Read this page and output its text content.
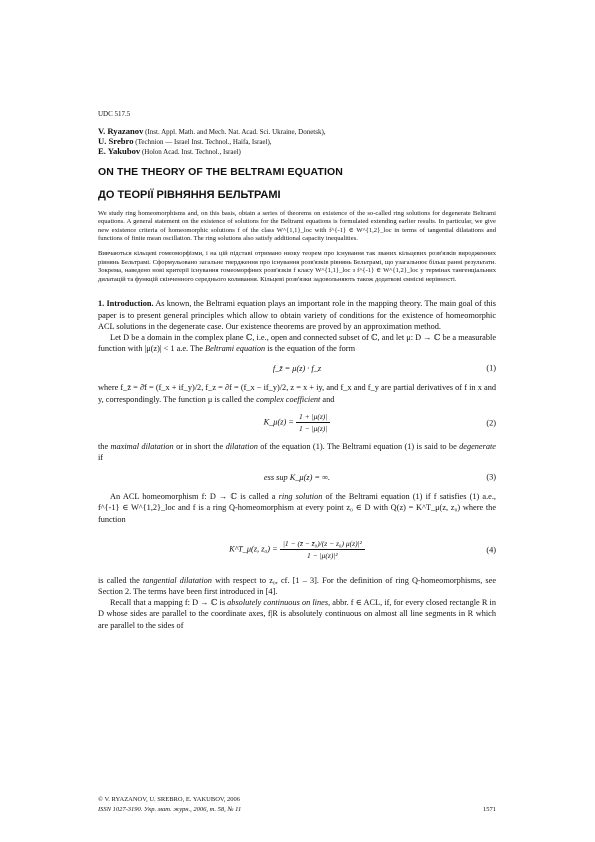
UDC 517.5
V. Ryazanov (Inst. Appl. Math. and Mech. Nat. Acad. Sci. Ukraine, Donetsk),
U. Srebro (Technion — Israel Inst. Technol., Haifa, Israel),
E. Yakubov (Holon Acad. Inst. Technol., Israel)
ON THE THEORY OF THE BELTRAMI EQUATION
ДО ТЕОРІЇ РІВНЯННЯ БЕЛЬТРАМІ
We study ring homeomorphisms and, on this basis, obtain a series of theorems on existence of the so-called ring solutions for degenerate Beltrami equations. A general statement on the existence of solutions for the Beltrami equations is formulated extending earlier results. In particular, we give new existence criteria of homeomorphic solutions f of the class W^{1,1}_loc with f^{-1} ∈ W^{1,2}_loc in terms of tangential dilatations and functions of finite mean oscillation. The ring solutions also satisfy additional capacity inequalities.
Вивчаються кільцеві гомеоморфізми, і на цій підставі отримано низку теорем про існування так званих кільцевих розв'язків виродженних рівнянь Бельтрамі. Сформульовано загальне твердження про існування розв'язків рівнянь Бельтрамі, що узагальнює більш ранні результати. Зокрема, наведено нові критерії існування гомеоморфних розв'язків f класу W^{1,1}_loc з f^{-1} ∈ W^{1,2}_loc у термінах тангенціальних дилатацій та функцій скінченного середнього коливання. Кільцеві розв'язки задовольняють також додаткові ємнісні нерівності.

1. Introduction. As known, the Beltrami equation plays an important role in the mapping theory. The main goal of this paper is to present general principles which allow to obtain variety of conditions for the existence of homeomorphic ACL solutions in the degenerate case. Our existence theorems are proved by an approximation method.

Let D be a domain in the complex plane ℂ, i.e., open and connected subset of ℂ, and let μ: D → ℂ be a measurable function with |μ(z)| < 1 a.e. The Beltrami equation is the equation of the form

f_z̄ = μ(z) · f_z	(1)

where f_z̄ = ∂̄f = (f_x + if_y)/2, f_z = ∂f = (f_x − if_y)/2, z = x + iy, and f_x and f_y are partial derivatives of f in x and y, correspondingly. The function μ is called the complex coefficient and

K_μ(z) = $\frac{1 + |\mu(z)|}{1 - |\mu(z)|}$	(2)

the maximal dilatation or in short the dilatation of the equation (1). The Beltrami equation (1) is said to be degenerate if

ess sup K_μ(z) = ∞.	(3)

An ACL homeomorphism f: D → ℂ is called a ring solution of the Beltrami equation (1) if f satisfies (1) a.e., f^{-1} ∈ W^{1,2}_loc and f is a ring Q-homeomorphism at every point z₀ ∈ D with Q(z) = K^T_μ(z, z₀) where the function

K^T_μ(z, $z_0) = \frac{\text{|1 − (z̄ − z̄₀)/(z − z₀) μ(z)|²}}{\text{1 − |μ(z)|²}}$	(4)

is called the tangential dilatation with respect to z₀, cf. [1 – 3]. For the definition of ring Q-homeomorphisms, see Section 2. The terms have been first introduced in [4].

Recall that a mapping f: D → ℂ is absolutely continuous on lines, abbr. f ∈ ACL, if, for every closed rectangle R in D whose sides are parallel to the coordinate axes, f|R is absolutely continuous on almost all line segments in R which are parallel to the sides of

© V. RYAZANOV, U. SREBRO, E. YAKUBOV, 2006
ISSN 1027-3190. Укр. мат. журн., 2006, т. 58, № 11	1571
